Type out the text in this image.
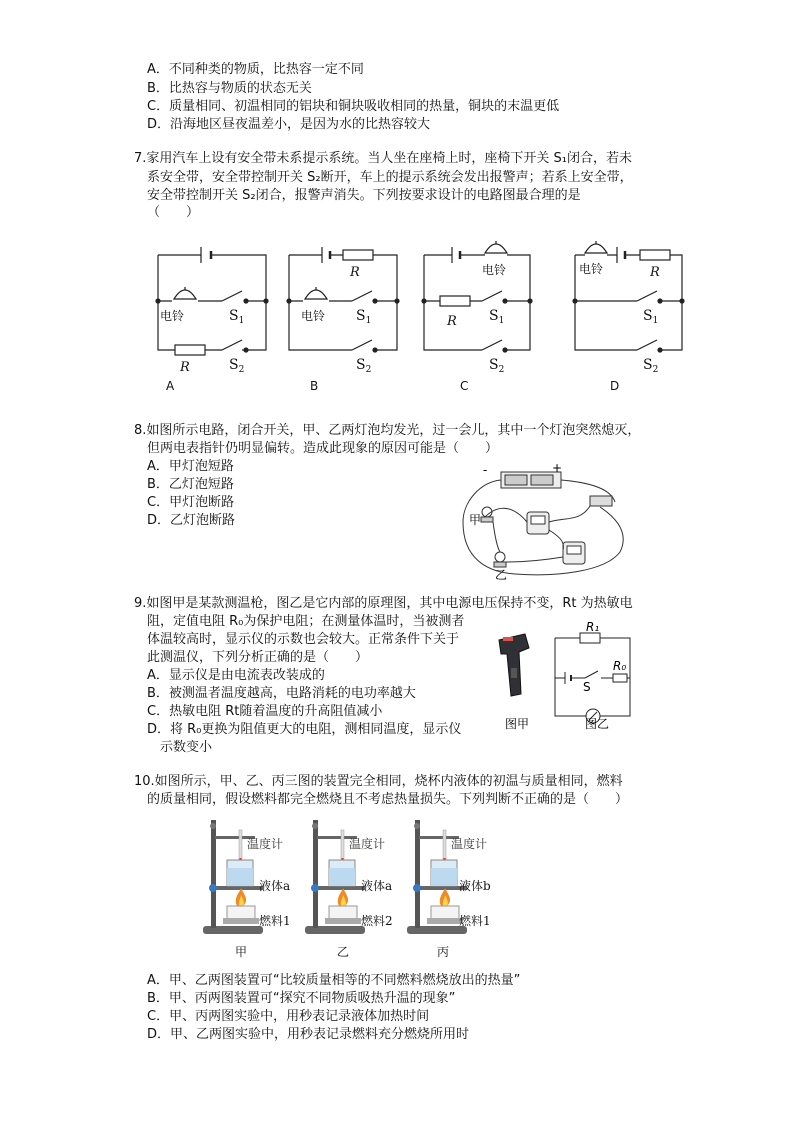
A．不同种类的物质，比热容一定不同
B．比热容与物质的状态无关
C．质量相同、初温相同的铝块和铜块吸收相同的热量，铜块的末温更低
D．沿海地区昼夜温差小，是因为水的比热容较大
7.家用汽车上设有安全带未系提示系统。当人坐在座椅上时，座椅下开关 S₁闭合，若未
系安全带，安全带控制开关 S₂断开，车上的提示系统会发出报警声；若系上安全带，
安全带控制开关 S₂闭合，报警声消失。下列按要求设计的电路图最合理的是
（　　）
电铃	$S_1$
R	$S_2$
A
R
电铃 $S_1$
$S_2$
B
电铃
R $S_1$
$S_2$
C
电铃	R
$S_1$
$S_2$
D
8.如图所示电路，闭合开关，甲、乙两灯泡均发光，过一会儿，其中一个灯泡突然熄灭，
但两电表指针仍明显偏转。造成此现象的原因可能是（　　）
A．甲灯泡短路
B．乙灯泡短路
C．甲灯泡断路
D．乙灯泡断路
-	+
甲
乙
9.如图甲是某款测温枪，图乙是它内部的原理图，其中电源电压保持不变，Rt 为热敏电
阻，定值电阻 R₀为保护电阻；在测量体温时，当被测者
体温较高时，显示仪的示数也会较大。正常条件下关于
此测温仪，下列分析正确的是（　　）
A．显示仪是由电流表改装成的
B．被测温者温度越高，电路消耗的电功率越大
C．热敏电阻 Rt随着温度的升高阻值减小
D．将 R₀更换为阻值更大的电阻，测相同温度，显示仪
示数变小
R₁
R₀
S
图甲	图乙
10.如图所示，甲、乙、丙三图的装置完全相同，烧杯内液体的初温与质量相同，燃料
的质量相同，假设燃料都完全燃烧且不考虑热量损失。下列判断不正确的是（　　）
温度计	温度计	温度计
液体a
燃料1
甲
液体a
燃料2
乙
液体b
燃料1
丙
A．甲、乙两图装置可“比较质量相等的不同燃料燃烧放出的热量”
B．甲、丙两图装置可“探究不同物质吸热升温的现象”
C．甲、丙两图实验中，用秒表记录液体加热时间
D．甲、乙两图实验中，用秒表记录燃料充分燃烧所用时
